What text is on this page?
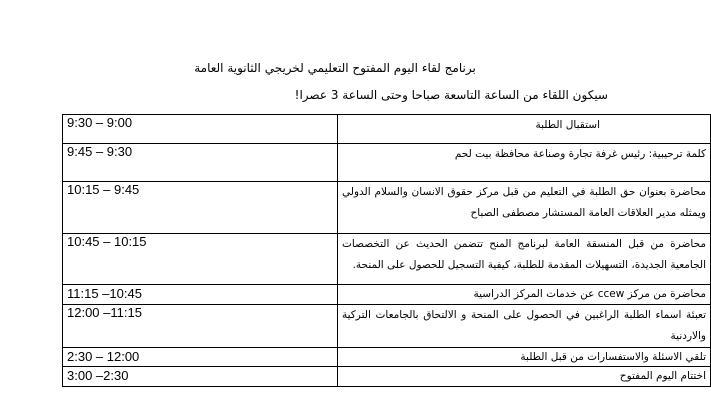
برنامج لقاء اليوم المفتوح التعليمي لخريجي الثانوية العامة
سيكون اللقاء من الساعة التاسعة صباحا وحتى الساعة 3 عصرا!
9:30 – 9:00	استقبال الطلبة
9:45 – 9:30	كلمة ترحيبية: رئيس غرفة تجارة وصناعة محافظة بيت لحم
10:15 – 9:45	محاضرة بعنوان حق الطلبة في التعليم من قبل مركز حقوق الانسان والسلام الدولي ويمثله مدير العلاقات العامة المستشار مصطفى الصباح
10:45 – 10:15	محاضرة من قبل المنسقة العامة لبرنامج المنح تتضمن الحديث عن التخصصات الجامعية الجديدة، التسهيلات المقدمة للطلبة، كيفية التسجيل للحصول على المنحة.
11:15 –10:45	محاضرة من مركز ccew عن خدمات المركز الدراسية
12:00 –11:15	تعبئة اسماء الطلبة الراغبين في الحصول على المنحة و الالتحاق بالجامعات التركية والاردنية
2:30 – 12:00	تلقي الاسئلة والاستفسارات من قبل الطلبة
3:00 –2:30	اختتام اليوم المفتوح
